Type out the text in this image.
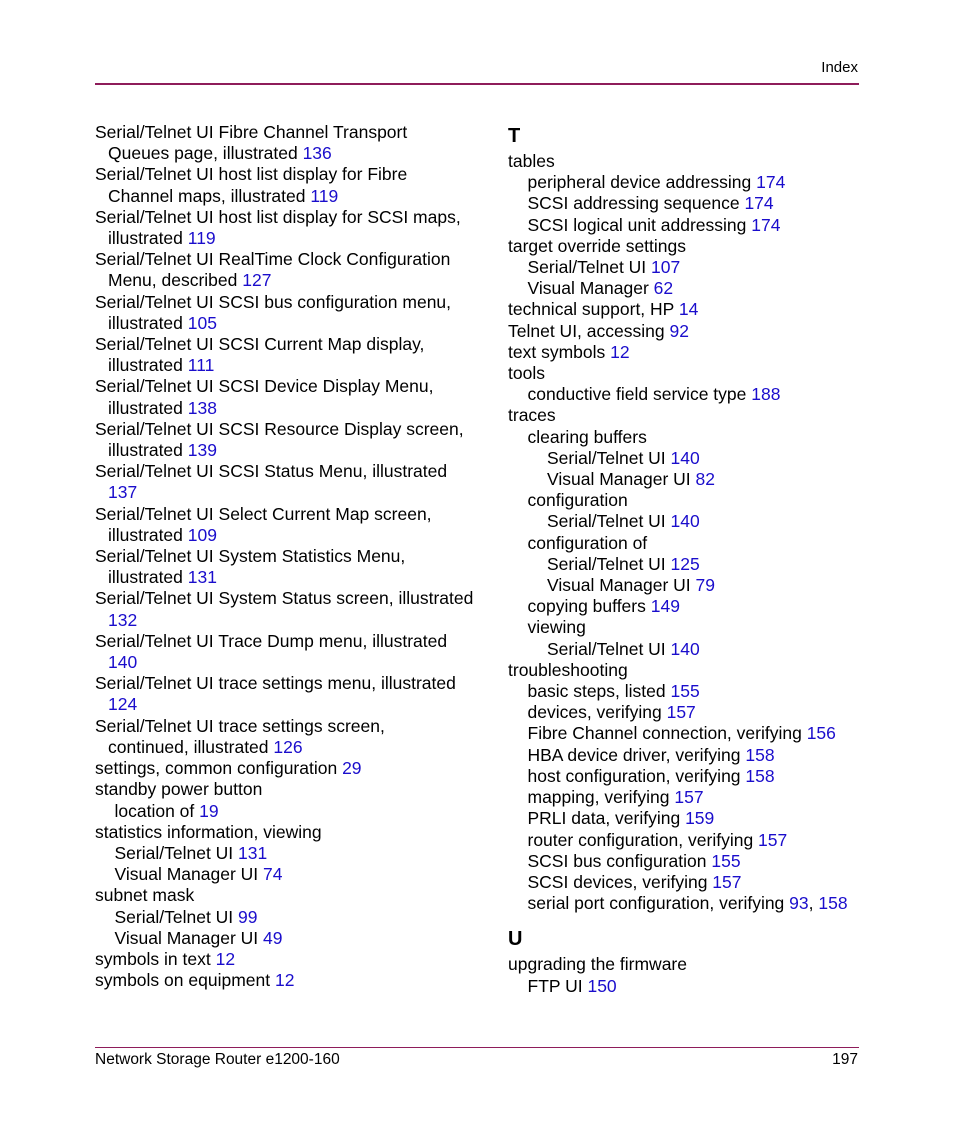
Index
Serial/Telnet UI Fibre Channel Transport
Queues page, illustrated 136
Serial/Telnet UI host list display for Fibre
Channel maps, illustrated 119
Serial/Telnet UI host list display for SCSI maps,
illustrated 119
Serial/Telnet UI RealTime Clock Configuration
Menu, described 127
Serial/Telnet UI SCSI bus configuration menu,
illustrated 105
Serial/Telnet UI SCSI Current Map display,
illustrated 111
Serial/Telnet UI SCSI Device Display Menu,
illustrated 138
Serial/Telnet UI SCSI Resource Display screen,
illustrated 139
Serial/Telnet UI SCSI Status Menu, illustrated
137
Serial/Telnet UI Select Current Map screen,
illustrated 109
Serial/Telnet UI System Statistics Menu,
illustrated 131
Serial/Telnet UI System Status screen, illustrated
132
Serial/Telnet UI Trace Dump menu, illustrated
140
Serial/Telnet UI trace settings menu, illustrated
124
Serial/Telnet UI trace settings screen,
continued, illustrated 126
settings, common configuration 29
standby power button
location of 19
statistics information, viewing
Serial/Telnet UI 131
Visual Manager UI 74
subnet mask
Serial/Telnet UI 99
Visual Manager UI 49
symbols in text 12
symbols on equipment 12
T
tables
peripheral device addressing 174
SCSI addressing sequence 174
SCSI logical unit addressing 174
target override settings
Serial/Telnet UI 107
Visual Manager 62
technical support, HP 14
Telnet UI, accessing 92
text symbols 12
tools
conductive field service type 188
traces
clearing buffers
Serial/Telnet UI 140
Visual Manager UI 82
configuration
Serial/Telnet UI 140
configuration of
Serial/Telnet UI 125
Visual Manager UI 79
copying buffers 149
viewing
Serial/Telnet UI 140
troubleshooting
basic steps, listed 155
devices, verifying 157
Fibre Channel connection, verifying 156
HBA device driver, verifying 158
host configuration, verifying 158
mapping, verifying 157
PRLI data, verifying 159
router configuration, verifying 157
SCSI bus configuration 155
SCSI devices, verifying 157
serial port configuration, verifying 93, 158
U
upgrading the firmware
FTP UI 150
Network Storage Router e1200-160	197
